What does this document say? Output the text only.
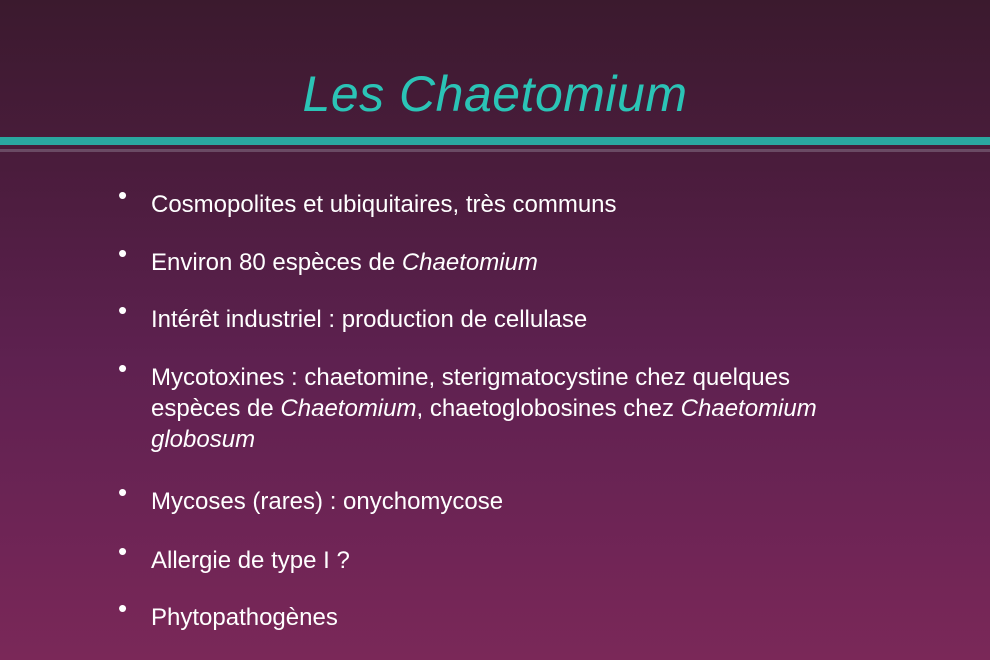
Les Chaetomium
• Cosmopolites et ubiquitaires, très communs
• Environ 80 espèces de Chaetomium
• Intérêt industriel : production de cellulase
• Mycotoxines : chaetomine, sterigmatocystine chez quelques
espèces de Chaetomium, chaetoglobosines chez Chaetomium
globosum
• Mycoses (rares) : onychomycose
• Allergie de type I ?
• Phytopathogènes
